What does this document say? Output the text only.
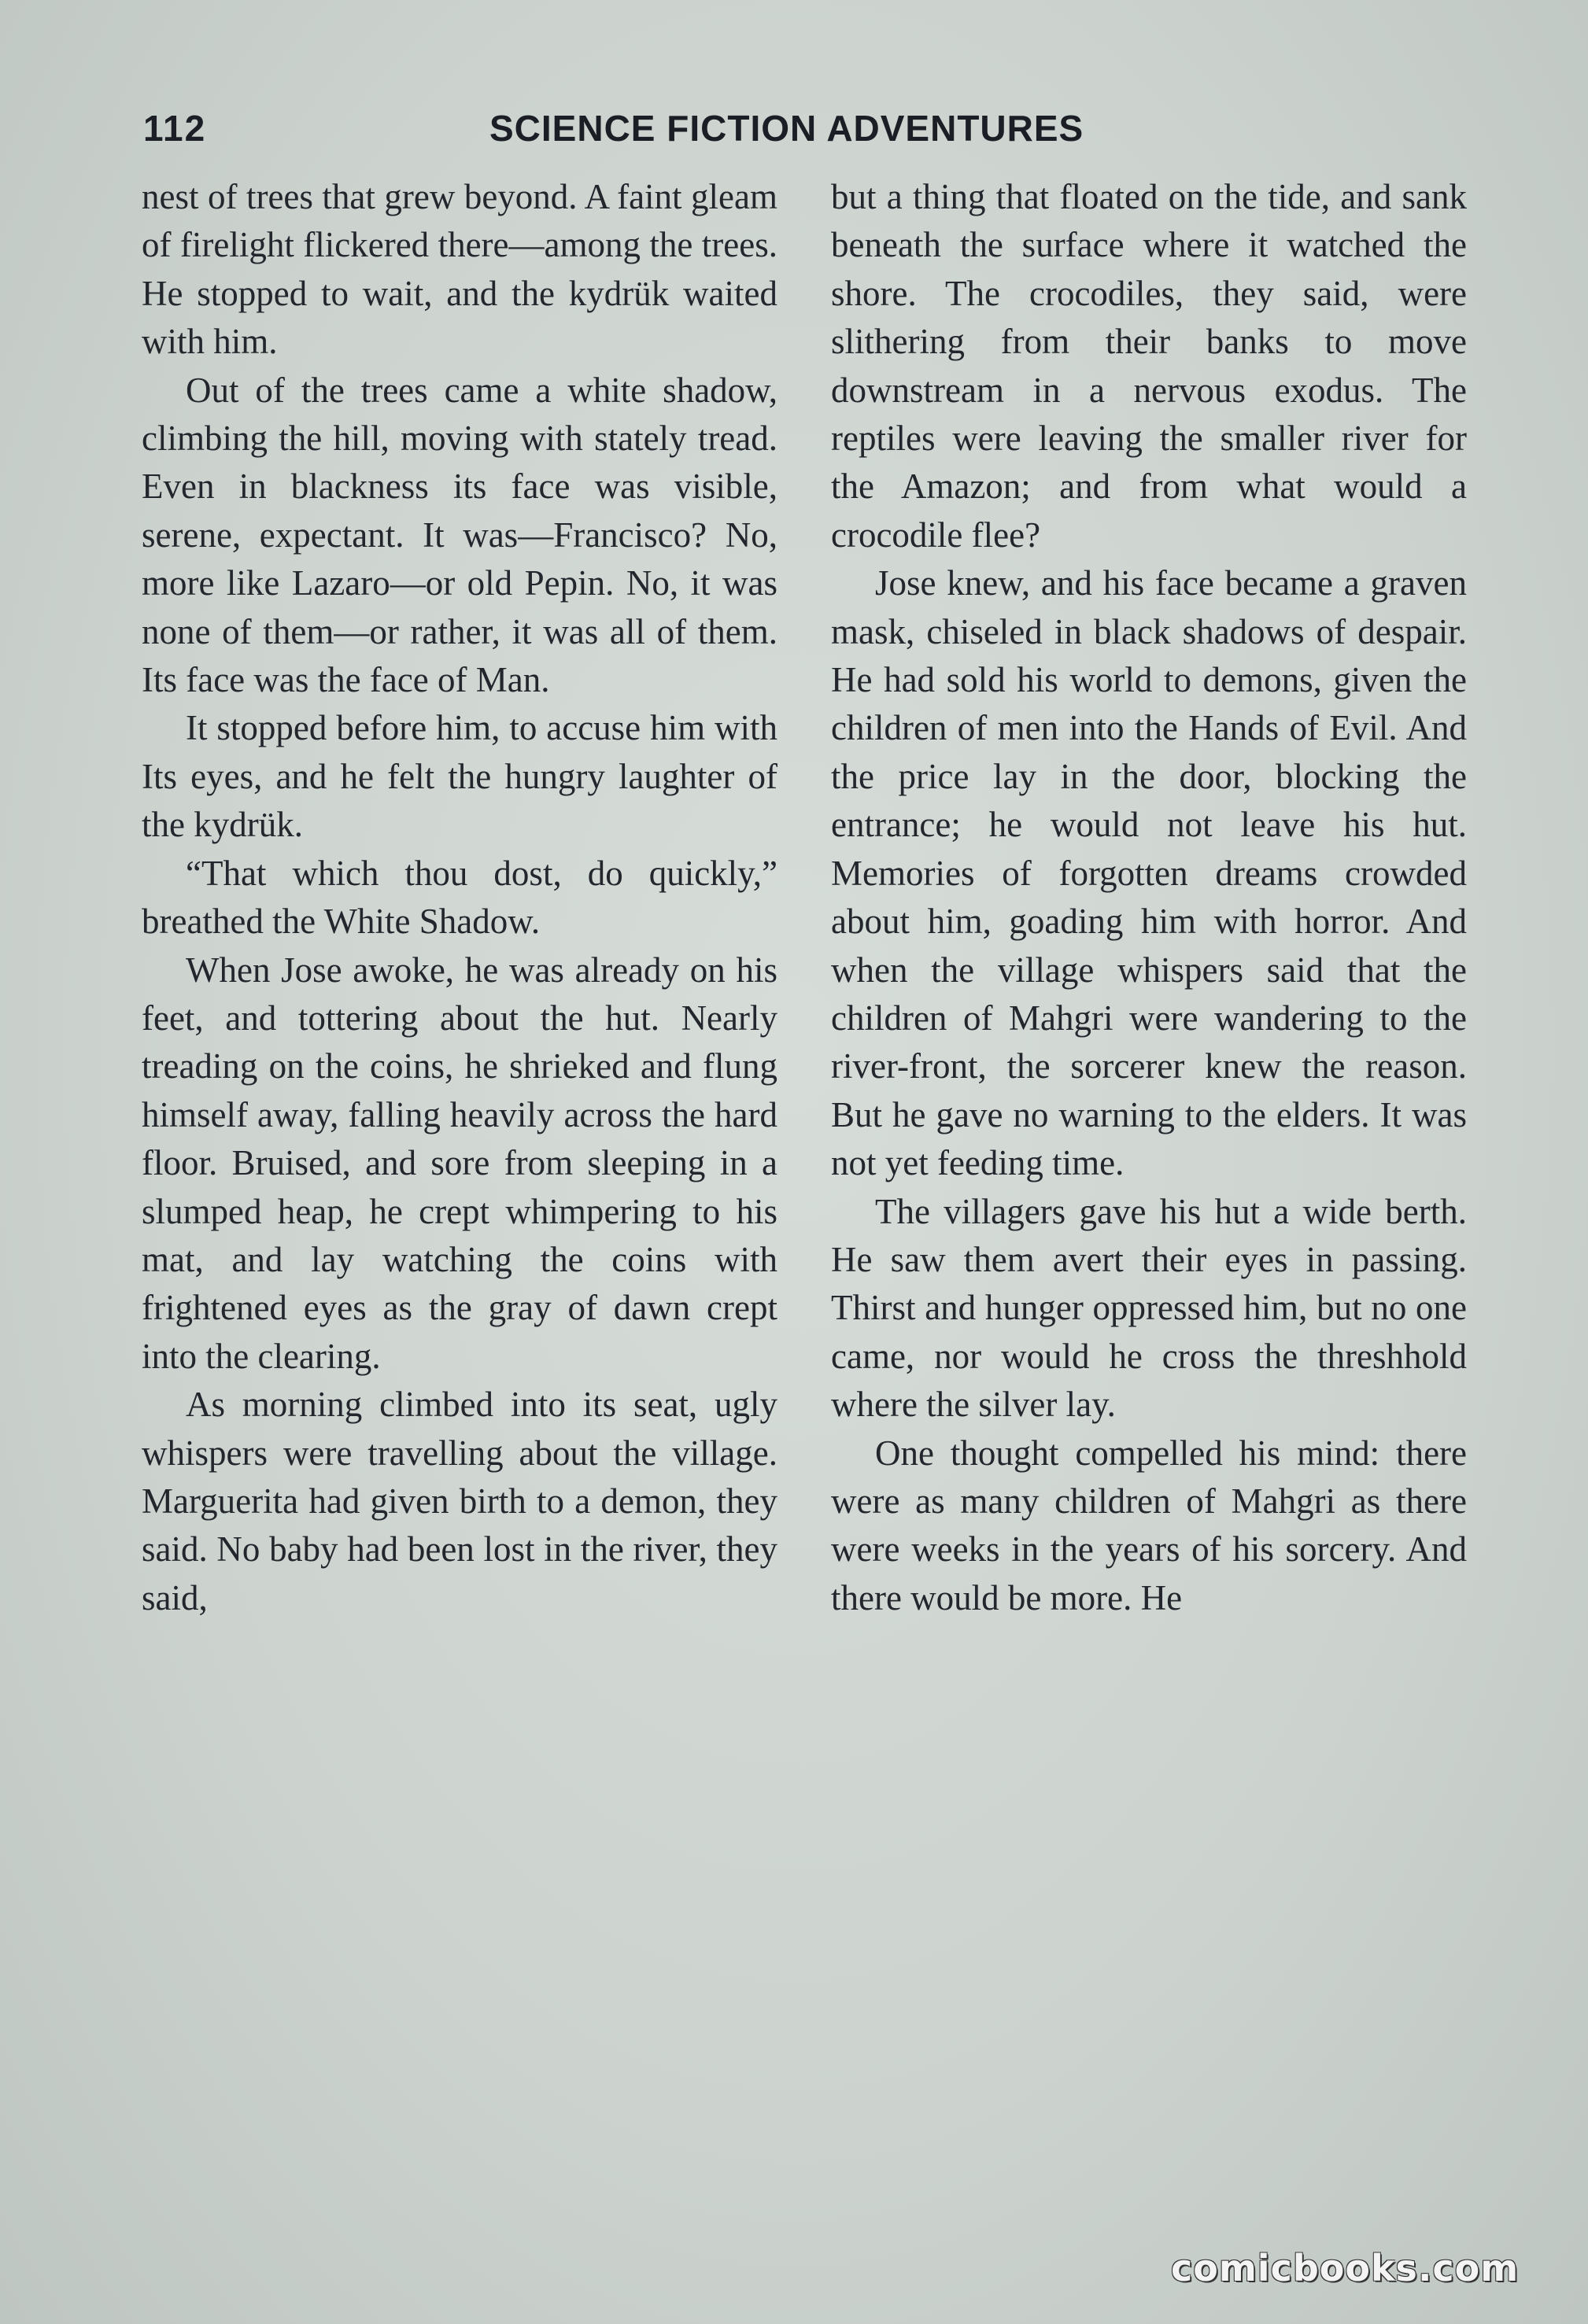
112	SCIENCE FICTION ADVENTURES

nest of trees that grew beyond. A faint gleam of firelight flickered there—among the trees. He stopped to wait, and the kydrük waited with him.

Out of the trees came a white shadow, climbing the hill, moving with stately tread. Even in blackness its face was visible, serene, expectant. It was—Francisco? No, more like Lazaro—or old Pepin. No, it was none of them—or rather, it was all of them. Its face was the face of Man.

It stopped before him, to accuse him with Its eyes, and he felt the hungry laughter of the kydrük.

“That which thou dost, do quickly,” breathed the White Shadow.

When Jose awoke, he was already on his feet, and tottering about the hut. Nearly treading on the coins, he shrieked and flung himself away, falling heavily across the hard floor. Bruised, and sore from sleeping in a slumped heap, he crept whimpering to his mat, and lay watching the coins with frightened eyes as the gray of dawn crept into the clearing.

As morning climbed into its seat, ugly whispers were travelling about the village. Marguerita had given birth to a demon, they said. No baby had been lost in the river, they said,

but a thing that floated on the tide, and sank beneath the surface where it watched the shore. The crocodiles, they said, were slithering from their banks to move downstream in a nervous exodus. The reptiles were leaving the smaller river for the Amazon; and from what would a crocodile flee?

Jose knew, and his face became a graven mask, chiseled in black shadows of despair. He had sold his world to demons, given the children of men into the Hands of Evil. And the price lay in the door, blocking the entrance; he would not leave his hut. Memories of forgotten dreams crowded about him, goading him with horror. And when the village whispers said that the children of Mahgri were wandering to the river-front, the sorcerer knew the reason. But he gave no warning to the elders. It was not yet feeding time.

The villagers gave his hut a wide berth. He saw them avert their eyes in passing. Thirst and hunger oppressed him, but no one came, nor would he cross the threshhold where the silver lay.

One thought compelled his mind: there were as many children of Mahgri as there were weeks in the years of his sorcery. And there would be more. He

comicbooks.com
